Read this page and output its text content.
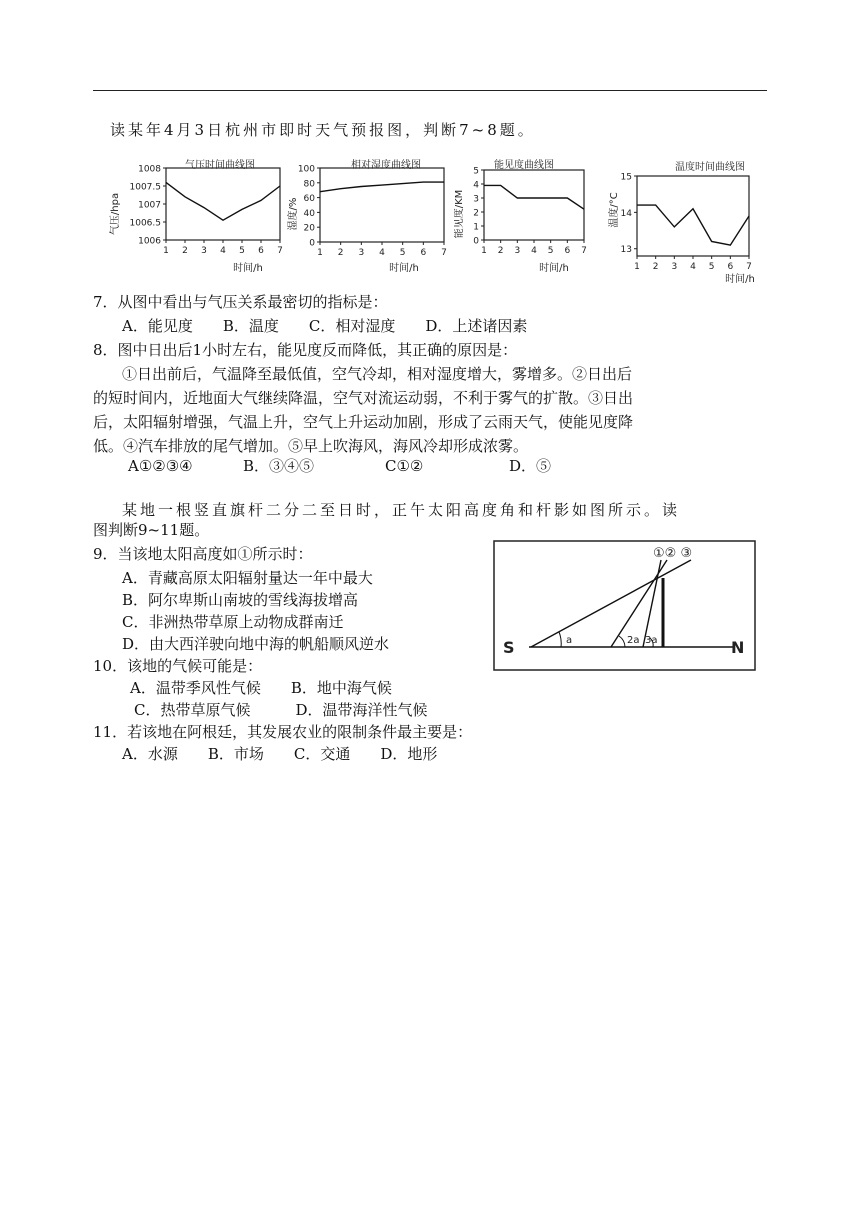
读某年4月3日杭州市即时天气预报图，判断7~8题。
气压时间曲线图
气压/hpa
时间/h
1008
1007.5
1007
1006.5
1006
1 2 3 4 5 6 7
相对湿度曲线图
湿度/%
时间/h
100
80
60
40
20
0
1 2 3 4 5 6 7
能见度曲线图
能见度/KM
时间/h
5
4
3
2
1
0
1 2 3 4 5 6 7
温度时间曲线图
温度/°C
时间/h
15
14
13
1 2 3 4 5 6 7
7．从图中看出与气压关系最密切的指标是：
A．能见度　　B．温度　　C．相对湿度　　D．上述诸因素
8．图中日出后1小时左右，能见度反而降低，其正确的原因是：
①日出前后，气温降至最低值，空气冷却，相对湿度增大，雾增多。②日出后
的短时间内，近地面大气继续降温，空气对流运动弱，不利于雾气的扩散。③日出
后，太阳辐射增强，气温上升，空气上升运动加剧，形成了云雨天气，使能见度降
低。④汽车排放的尾气增加。⑤早上吹海风，海风冷却形成浓雾。
A①②③④	B．③④⑤	C①②	D．⑤
某地一根竖直旗杆二分二至日时，正午太阳高度角和杆影如图所示。读
图判断9~11题。
9．当该地太阳高度如①所示时：
A．青藏高原太阳辐射量达一年中最大
B．阿尔卑斯山南坡的雪线海拔增高
C．非洲热带草原上动物成群南迁
D．由大西洋驶向地中海的帆船顺风逆水
10．该地的气候可能是：
A．温带季风性气候　　B．地中海气候
C．热带草原气候　　　D．温带海洋性气候
11．若该地在阿根廷，其发展农业的限制条件最主要是：
A．水源　　B．市场　　C．交通　　D．地形
①② ③
S	N
a	2a 3a
